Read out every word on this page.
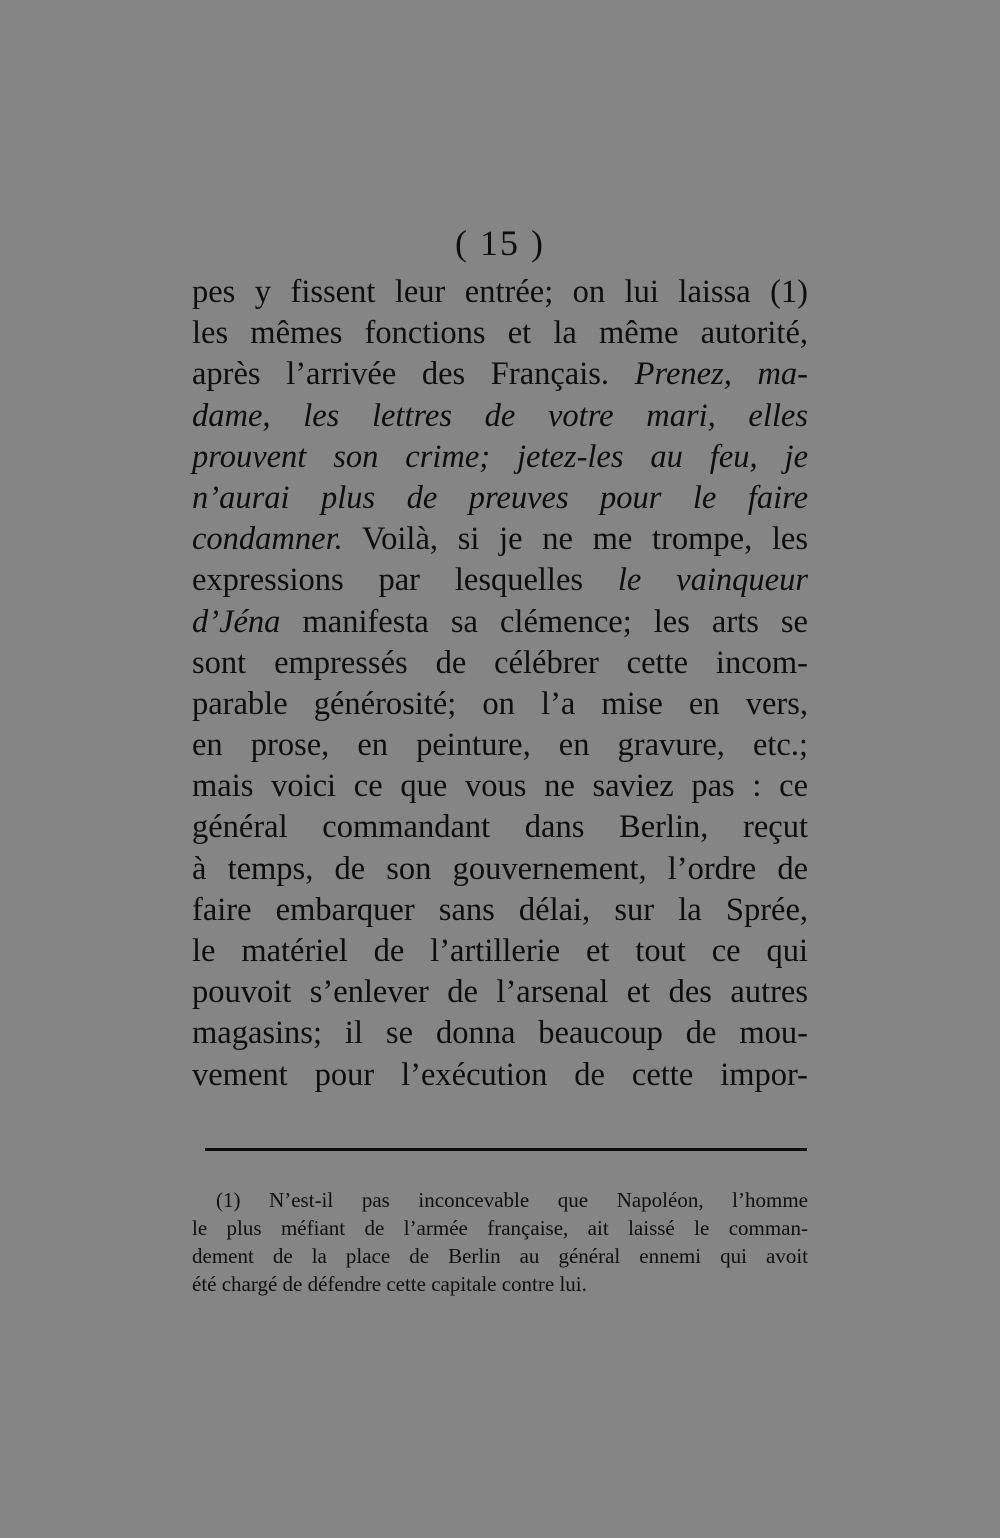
( 15 )
pes y fissent leur entrée; on lui laissa (1)
les mêmes fonctions et la même autorité,
après l’arrivée des Français. Prenez, ma-
dame, les lettres de votre mari, elles
prouvent son crime; jetez-les au feu, je
n’aurai plus de preuves pour le faire
condamner. Voilà, si je ne me trompe, les
expressions par lesquelles le vainqueur
d’Jéna manifesta sa clémence; les arts se
sont empressés de célébrer cette incom-
parable générosité; on l’a mise en vers,
en prose, en peinture, en gravure, etc.;
mais voici ce que vous ne saviez pas : ce
général commandant dans Berlin, reçut
à temps, de son gouvernement, l’ordre de
faire embarquer sans délai, sur la Sprée,
le matériel de l’artillerie et tout ce qui
pouvoit s’enlever de l’arsenal et des autres
magasins; il se donna beaucoup de mou-
vement pour l’exécution de cette impor-
(1) N’est-il pas inconcevable que Napoléon, l’homme
le plus méfiant de l’armée française, ait laissé le comman-
dement de la place de Berlin au général ennemi qui avoit
été chargé de défendre cette capitale contre lui.
